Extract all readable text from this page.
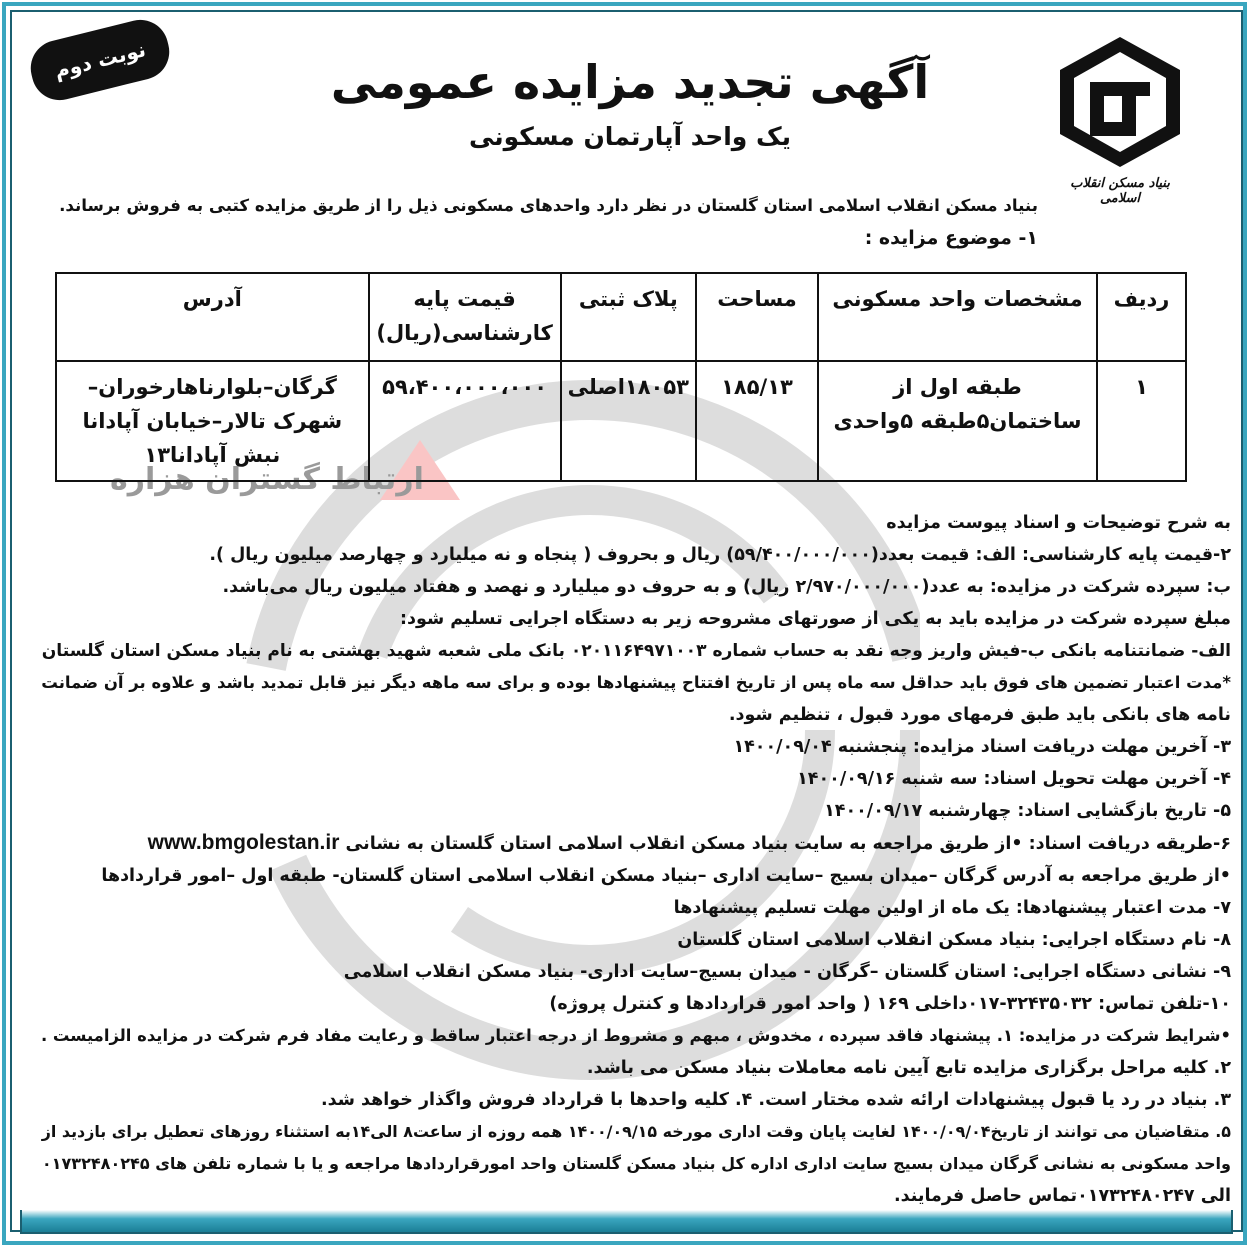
ارتباط گستران هزاره
نوبت دوم
بنیاد مسکن انقلاب اسلامی
آگهی تجدید مزایده عمومی
یک واحد آپارتمان مسکونی
بنیاد مسکن انقلاب اسلامی استان گلستان در نظر دارد واحدهای مسکونی ذیل را از طریق مزایده کتبی به فروش برساند.
۱- موضوع مزایده :
ردیف	مشخصات واحد مسکونی	مساحت	پلاک ثبتی	قیمت پایه کارشناسی(ریال)	آدرس
۱	طبقه اول از ساختمان۵طبقه ۵واحدی	۱۸۵/۱۳	۱۸۰۵۳اصلی	۵۹،۴۰۰،۰۰۰،۰۰۰	گرگان–بلوارناهارخوران–شهرک تالار–خیابان آپادانا نبش آپادانا۱۳
به شرح توضیحات و اسناد پیوست مزایده
۲-قیمت پایه کارشناسی: الف: قیمت بعدد(۵۹/۴۰۰/۰۰۰/۰۰۰) ریال و بحروف ( پنجاه و نه میلیارد و چهارصد میلیون ریال ).
ب: سپرده شرکت در مزایده: به عدد(۲/۹۷۰/۰۰۰/۰۰۰ ریال) و به حروف دو میلیارد و نهصد و هفتاد میلیون ریال می‌باشد.
مبلغ سپرده شرکت در مزایده باید به یکی از صورتهای مشروحه زیر به دستگاه اجرایی تسلیم شود:
الف- ضمانتنامه بانکی ب-فیش واریز وجه نقد به حساب شماره ۰۲۰۱۱۶۴۹۷۱۰۰۳ بانک ملی شعبه شهید بهشتی به نام بنیاد مسکن استان گلستان
*مدت اعتبار تضمین های فوق باید حداقل سه ماه پس از تاریخ افتتاح پیشنهادها بوده و برای سه ماهه دیگر نیز قابل تمدید باشد و علاوه بر آن ضمانت
نامه های بانکی باید طبق فرمهای مورد قبول ، تنظیم شود.
۳- آخرین مهلت دریافت اسناد مزایده: پنجشنبه ۱۴۰۰/۰۹/۰۴
۴- آخرین مهلت تحویل اسناد: سه شنبه ۱۴۰۰/۰۹/۱۶
۵- تاریخ بازگشایی اسناد: چهارشنبه ۱۴۰۰/۰۹/۱۷
۶-طریقه دریافت اسناد: •از طریق مراجعه به سایت بنیاد مسکن انقلاب اسلامی استان گلستان به نشانی www.bmgolestan.ir
•از طریق مراجعه به آدرس گرگان –میدان بسیج –سایت اداری –بنیاد مسکن انقلاب اسلامی استان گلستان- طبقه اول –امور قراردادها
۷- مدت اعتبار پیشنهادها: یک ماه از اولین مهلت تسلیم پیشنهادها
۸- نام دستگاه اجرایی: بنیاد مسکن انقلاب اسلامی استان گلستان
۹- نشانی دستگاه اجرایی: استان گلستان –گرگان - میدان بسیج–سایت اداری- بنیاد مسکن انقلاب اسلامی
۱۰-تلفن تماس: ۳۲۴۳۵۰۳۲-۰۱۷داخلی ۱۶۹ ( واحد امور قراردادها و کنترل پروژه)
•شرایط شرکت در مزایده: ۱. پیشنهاد فاقد سپرده ، مخدوش ، مبهم و مشروط از درجه اعتبار ساقط و رعایت مفاد فرم شرکت در مزایده الزامیست .
۲. کلیه مراحل برگزاری مزایده تابع آیین نامه معاملات بنیاد مسکن می باشد.
۳. بنیاد در رد یا قبول پیشنهادات ارائه شده مختار است. ۴. کلیه واحدها با قرارداد فروش واگذار خواهد شد.
۵. متقاضیان می توانند از تاریخ۱۴۰۰/۰۹/۰۴ لغایت پایان وقت اداری مورخه ۱۴۰۰/۰۹/۱۵ همه روزه از ساعت۸ الی۱۴به استثناء روزهای تعطیل برای بازدید از
واحد مسکونی به نشانی گرگان میدان بسیج سایت اداری اداره کل بنیاد مسکن گلستان واحد امورقراردادها مراجعه و یا با شماره تلفن های ۰۱۷۳۲۴۸۰۲۴۵
الی ۰۱۷۳۲۴۸۰۲۴۷تماس حاصل فرمایند.
